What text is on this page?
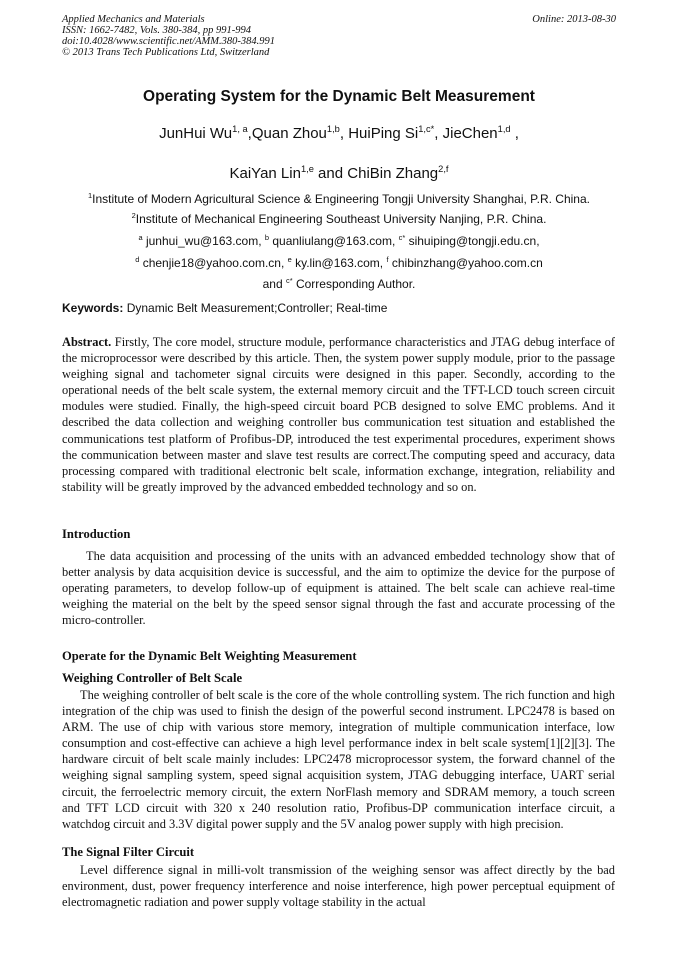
Applied Mechanics and Materials
ISSN: 1662-7482, Vols. 380-384, pp 991-994
doi:10.4028/www.scientific.net/AMM.380-384.991
© 2013 Trans Tech Publications Ltd, Switzerland
Online: 2013-08-30
Operating System for the Dynamic Belt Measurement
JunHui Wu$^{1, a}$,Quan Zhou$^{1,b}$, HuiPing $Si^{1,c*}$, JieChen$^{1,d}$ ,
KaiYan Lin$^{1,e}$ and ChiBin Zhang$^{2,f}$
$^1$Institute of Modern Agricultural Science & Engineering Tongji University Shanghai, P.R. China.
$^2$Institute of Mechanical Engineering Southeast University Nanjing, P.R. China.
$^a$ junhui_wu@163.com, $^b$ quanliulang@163.com, $^{c*}$ sihuiping@tongji.edu.cn,
$^d$ chenjie18@yahoo.com.cn, $^e$ ky.lin@163.com, $^f$ chibinzhang@yahoo.com.cn
and $^{c*}$ Corresponding Author.
Keywords: Dynamic Belt Measurement;Controller; Real-time
Abstract. Firstly, The core model, structure module, performance characteristics and JTAG debug interface of the microprocessor were described by this article. Then, the system power supply module, prior to the passage weighing signal and tachometer signal circuits were designed in this paper. Secondly, according to the operational needs of the belt scale system, the external memory circuit and the TFT-LCD touch screen circuit modules were studied. Finally, the high-speed circuit board PCB designed to solve EMC problems. And it described the data collection and weighing controller bus communication test situation and established the communications test platform of Profibus-DP, introduced the test experimental procedures, experiment shows the communication between master and slave test results are correct.The computing speed and accuracy, data processing compared with traditional electronic belt scale, information exchange, integration, reliability and stability will be greatly improved by the advanced embedded technology and so on.
Introduction
The data acquisition and processing of the units with an advanced embedded technology show that of better analysis by data acquisition device is successful, and the aim to optimize the device for the purpose of operating parameters, to develop follow-up of equipment is attained. The belt scale can achieve real-time weighing the material on the belt by the speed sensor signal through the fast and accurate processing of the micro-controller.
Operate for the Dynamic Belt Weighting Measurement
Weighing Controller of Belt Scale
The weighing controller of belt scale is the core of the whole controlling system. The rich function and high integration of the chip was used to finish the design of the powerful second instrument. LPC2478 is based on ARM. The use of chip with various store memory, integration of multiple communication interface, low consumption and cost-effective can achieve a high level performance index in belt scale system[1][2][3]. The hardware circuit of belt scale mainly includes: LPC2478 microprocessor system, the forward channel of the weighing signal sampling system, speed signal acquisition system, JTAG debugging interface, UART serial circuit, the ferroelectric memory circuit, the extern NorFlash memory and SDRAM memory, a touch screen and TFT LCD circuit with 320 x 240 resolution ratio, Profibus-DP communication interface circuit, a watchdog circuit and 3.3V digital power supply and the 5V analog power supply with high precision.
The Signal Filter Circuit
Level difference signal in milli-volt transmission of the weighing sensor was affect directly by the bad environment, dust, power frequency interference and noise interference, high power perceptual equipment of electromagnetic radiation and power supply voltage stability in the actual
